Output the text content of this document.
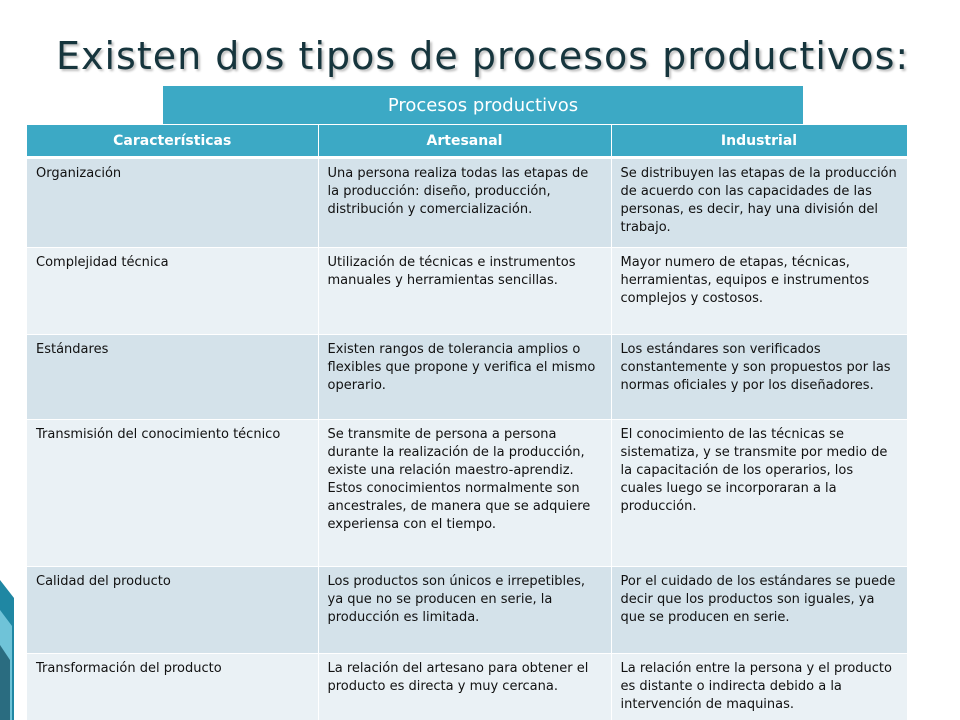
Existen dos tipos de procesos productivos:
Procesos productivos
Características	Artesanal	Industrial
Organización	Una persona realiza todas las etapas de la producción: diseño, producción, distribución y comercialización.	Se distribuyen las etapas de la producción de acuerdo con las capacidades de las personas, es decir, hay una división del trabajo.
Complejidad técnica	Utilización de técnicas e instrumentos manuales y herramientas sencillas.	Mayor numero de etapas, técnicas, herramientas, equipos e instrumentos complejos y costosos.
Estándares	Existen rangos de tolerancia amplios o flexibles que propone y verifica el mismo operario.	Los estándares son verificados constantemente y son propuestos por las normas oficiales y por los diseñadores.
Transmisión del conocimiento técnico	Se transmite de persona a persona durante la realización de la producción, existe una relación maestro-aprendiz. Estos conocimientos normalmente son ancestrales, de manera que se adquiere experiensa con el tiempo.	El conocimiento de las técnicas se sistematiza, y se transmite por medio de la capacitación de los operarios, los cuales luego se incorporaran a la producción.
Calidad del producto	Los productos son únicos e irrepetibles, ya que no se producen en serie, la producción es limitada.	Por el cuidado de los estándares se puede decir que los productos son iguales, ya que se producen en serie.
Transformación del producto	La relación del artesano para obtener el producto es directa y muy cercana.	La relación entre la persona y el producto es distante o indirecta debido a la intervención de maquinas.
